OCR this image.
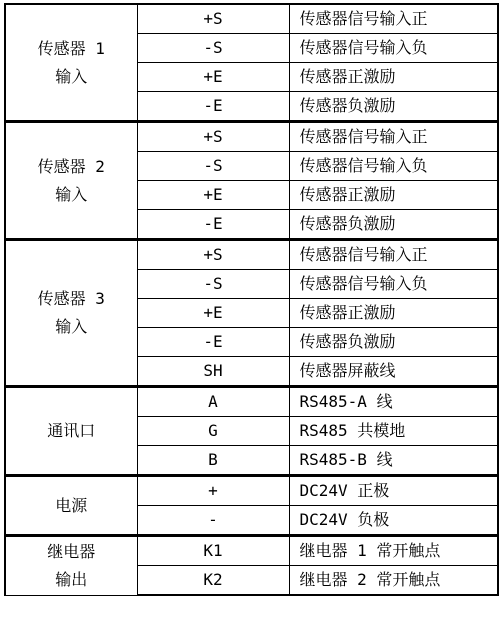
传感器 1
输入	+S	传感器信号输入正
	-S	传感器信号输入负
	+E	传感器正激励
	-E	传感器负激励

传感器 2
输入	+S	传感器信号输入正
	-S	传感器信号输入负
	+E	传感器正激励
	-E	传感器负激励

传感器 3
输入	+S	传感器信号输入正
	-S	传感器信号输入负
	+E	传感器正激励
	-E	传感器负激励
	SH	传感器屏蔽线

通讯口	A	RS485-A 线
	G	RS485 共模地
	B	RS485-B 线

电源	+	DC24V 正极
	-	DC24V 负极

继电器
输出	K1	继电器 1 常开触点
	K2	继电器 2 常开触点
